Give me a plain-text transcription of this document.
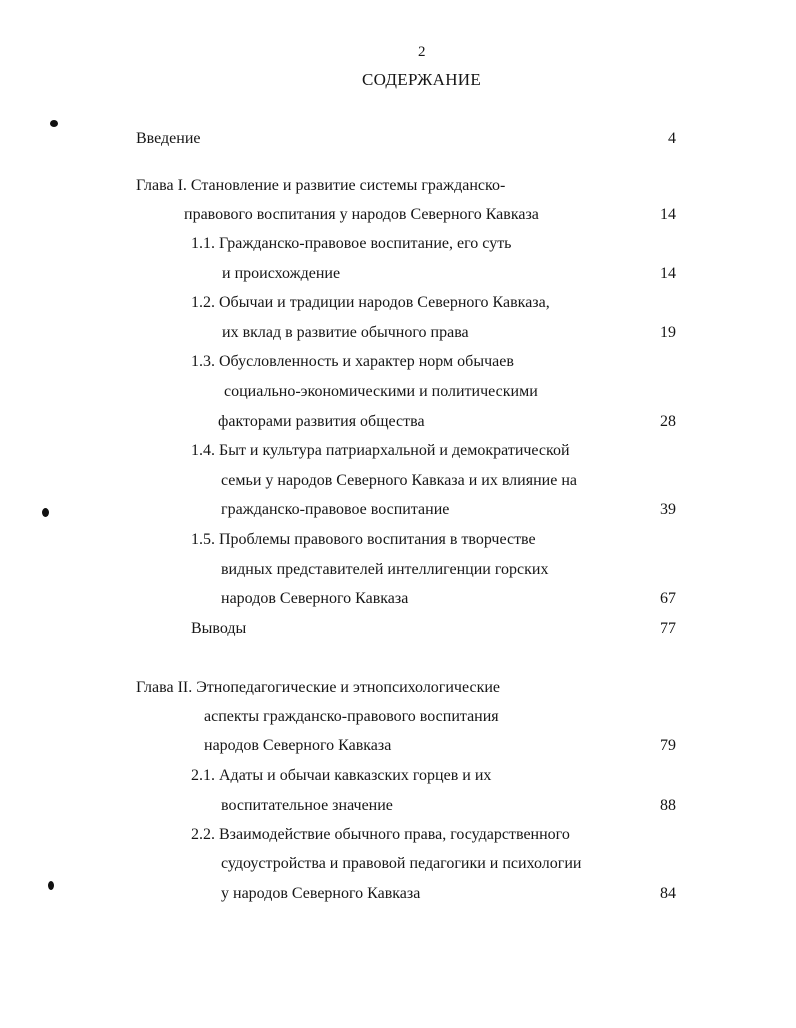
2
СОДЕРЖАНИЕ
Введение	4
Глава I. Становление и развитие системы гражданско-
правового воспитания у народов Северного Кавказа	14
1.1. Гражданско-правовое воспитание, его суть
и происхождение	14
1.2. Обычаи и традиции народов Северного Кавказа,
их вклад в развитие обычного права	19
1.3. Обусловленность и характер норм обычаев
социально-экономическими и политическими
факторами развития общества	28
1.4. Быт и культура патриархальной и демократической
семьи у народов Северного Кавказа и их влияние на
гражданско-правовое воспитание	39
1.5. Проблемы правового воспитания в творчестве
видных представителей интеллигенции горских
народов Северного Кавказа	67
Выводы	77
Глава II. Этнопедагогические и этнопсихологические
аспекты гражданско-правового воспитания
народов Северного Кавказа	79
2.1. Адаты и обычаи кавказских горцев и их
воспитательное значение	88
2.2. Взаимодействие обычного права, государственного
судоустройства и правовой педагогики и психологии
у народов Северного Кавказа	84
